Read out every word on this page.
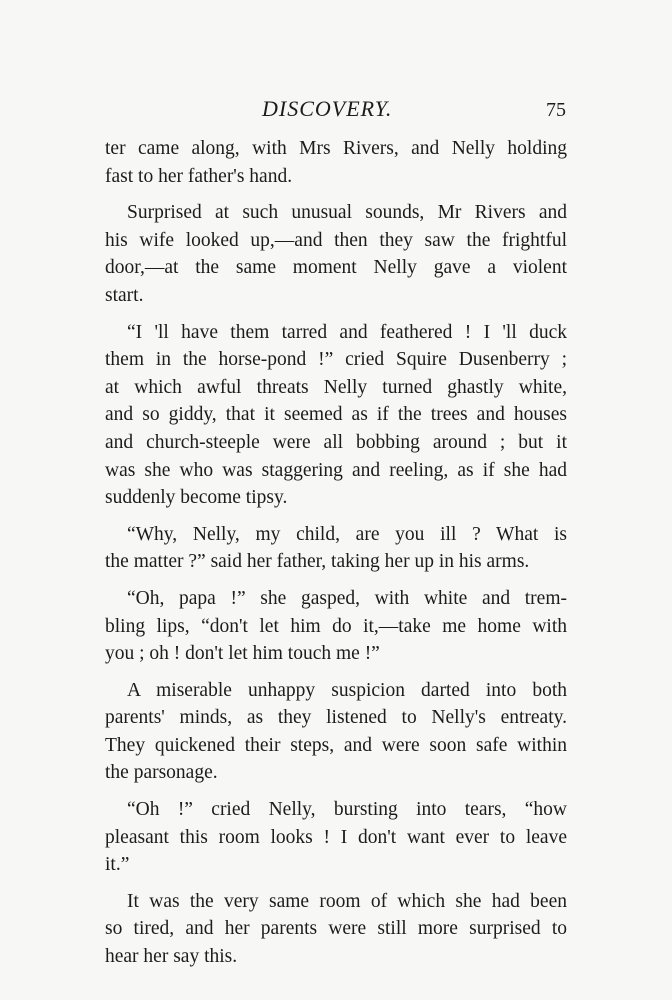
DISCOVERY.	75
ter came along, with Mrs Rivers, and Nelly holding
fast to her father's hand.
Surprised at such unusual sounds, Mr Rivers and
his wife looked up,—and then they saw the frightful
door,—at the same moment Nelly gave a violent
start.
“I 'll have them tarred and feathered ! I 'll duck
them in the horse-pond !” cried Squire Dusenberry ;
at which awful threats Nelly turned ghastly white,
and so giddy, that it seemed as if the trees and houses
and church-steeple were all bobbing around ; but it
was she who was staggering and reeling, as if she had
suddenly become tipsy.
“Why, Nelly, my child, are you ill ? What is
the matter ?” said her father, taking her up in his arms.
“Oh, papa !” she gasped, with white and trem-
bling lips, “don't let him do it,—take me home with
you ; oh ! don't let him touch me !”
A miserable unhappy suspicion darted into both
parents' minds, as they listened to Nelly's entreaty.
They quickened their steps, and were soon safe within
the parsonage.
“Oh !” cried Nelly, bursting into tears, “how
pleasant this room looks ! I don't want ever to leave
it.”
It was the very same room of which she had been
so tired, and her parents were still more surprised to
hear her say this.
